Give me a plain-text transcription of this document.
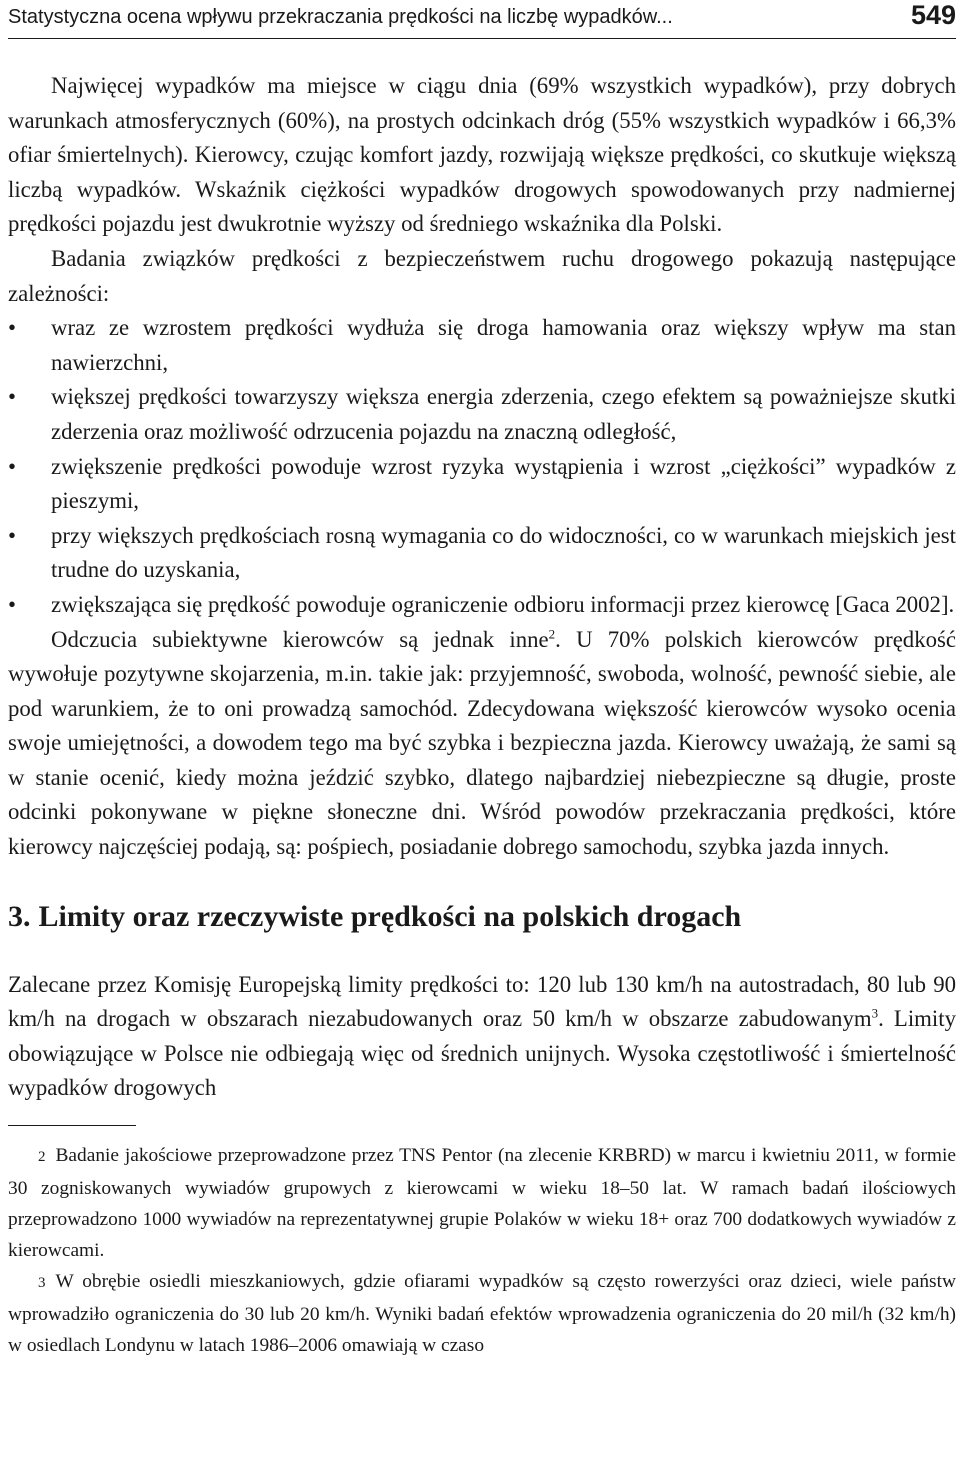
Statystyczna ocena wpływu przekraczania prędkości na liczbę wypadków...	549

Najwięcej wypadków ma miejsce w ciągu dnia (69% wszystkich wypadków), przy dobrych warunkach atmosferycznych (60%), na prostych odcinkach dróg (55% wszystkich wypadków i 66,3% ofiar śmiertelnych). Kierowcy, czując komfort jazdy, rozwijają większe prędkości, co skutkuje większą liczbą wypadków. Wskaźnik ciężkości wypadków drogowych spowodowanych przy nadmiernej prędkości pojazdu jest dwukrotnie wyższy od średniego wskaźnika dla Polski.

Badania związków prędkości z bezpieczeństwem ruchu drogowego pokazują następujące zależności:

• wraz ze wzrostem prędkości wydłuża się droga hamowania oraz większy wpływ ma stan nawierzchni,
• większej prędkości towarzyszy większa energia zderzenia, czego efektem są poważniejsze skutki zderzenia oraz możliwość odrzucenia pojazdu na znaczną odległość,
• zwiększenie prędkości powoduje wzrost ryzyka wystąpienia i wzrost „ciężkości” wypadków z pieszymi,
• przy większych prędkościach rosną wymagania co do widoczności, co w warunkach miejskich jest trudne do uzyskania,
• zwiększająca się prędkość powoduje ograniczenie odbioru informacji przez kierowcę [Gaca 2002].

Odczucia subiektywne kierowców są jednak inne$^2$. U 70% polskich kierowców prędkość wywołuje pozytywne skojarzenia, m.in. takie jak: przyjemność, swoboda, wolność, pewność siebie, ale pod warunkiem, że to oni prowadzą samochód. Zdecydowana większość kierowców wysoko ocenia swoje umiejętności, a dowodem tego ma być szybka i bezpieczna jazda. Kierowcy uważają, że sami są w stanie ocenić, kiedy można jeździć szybko, dlatego najbardziej niebezpieczne są długie, proste odcinki pokonywane w piękne słoneczne dni. Wśród powodów przekraczania prędkości, które kierowcy najczęściej podają, są: pośpiech, posiadanie dobrego samochodu, szybka jazda innych.

3. Limity oraz rzeczywiste prędkości na polskich drogach

Zalecane przez Komisję Europejską limity prędkości to: 120 lub 130 km/h na autostradach, 80 lub 90 km/h na drogach w obszarach niezabudowanych oraz 50 km/h w obszarze zabudowanym$^3$. Limity obowiązujące w Polsce nie odbiegają więc od średnich unijnych. Wysoka częstotliwość i śmiertelność wypadków drogowych

2 Badanie jakościowe przeprowadzone przez TNS Pentor (na zlecenie KRBRD) w marcu i kwietniu 2011, w formie 30 zogniskowanych wywiadów grupowych z kierowcami w wieku 18–50 lat. W ramach badań ilościowych przeprowadzono 1000 wywiadów na reprezentatywnej grupie Polaków w wieku 18+ oraz 700 dodatkowych wywiadów z kierowcami.

3 W obrębie osiedli mieszkaniowych, gdzie ofiarami wypadków są często rowerzyści oraz dzieci, wiele państw wprowadziło ograniczenia do 30 lub 20 km/h. Wyniki badań efektów wprowadzenia ograniczenia do 20 mil/h (32 km/h) w osiedlach Londynu w latach 1986–2006 omawiają w czaso
